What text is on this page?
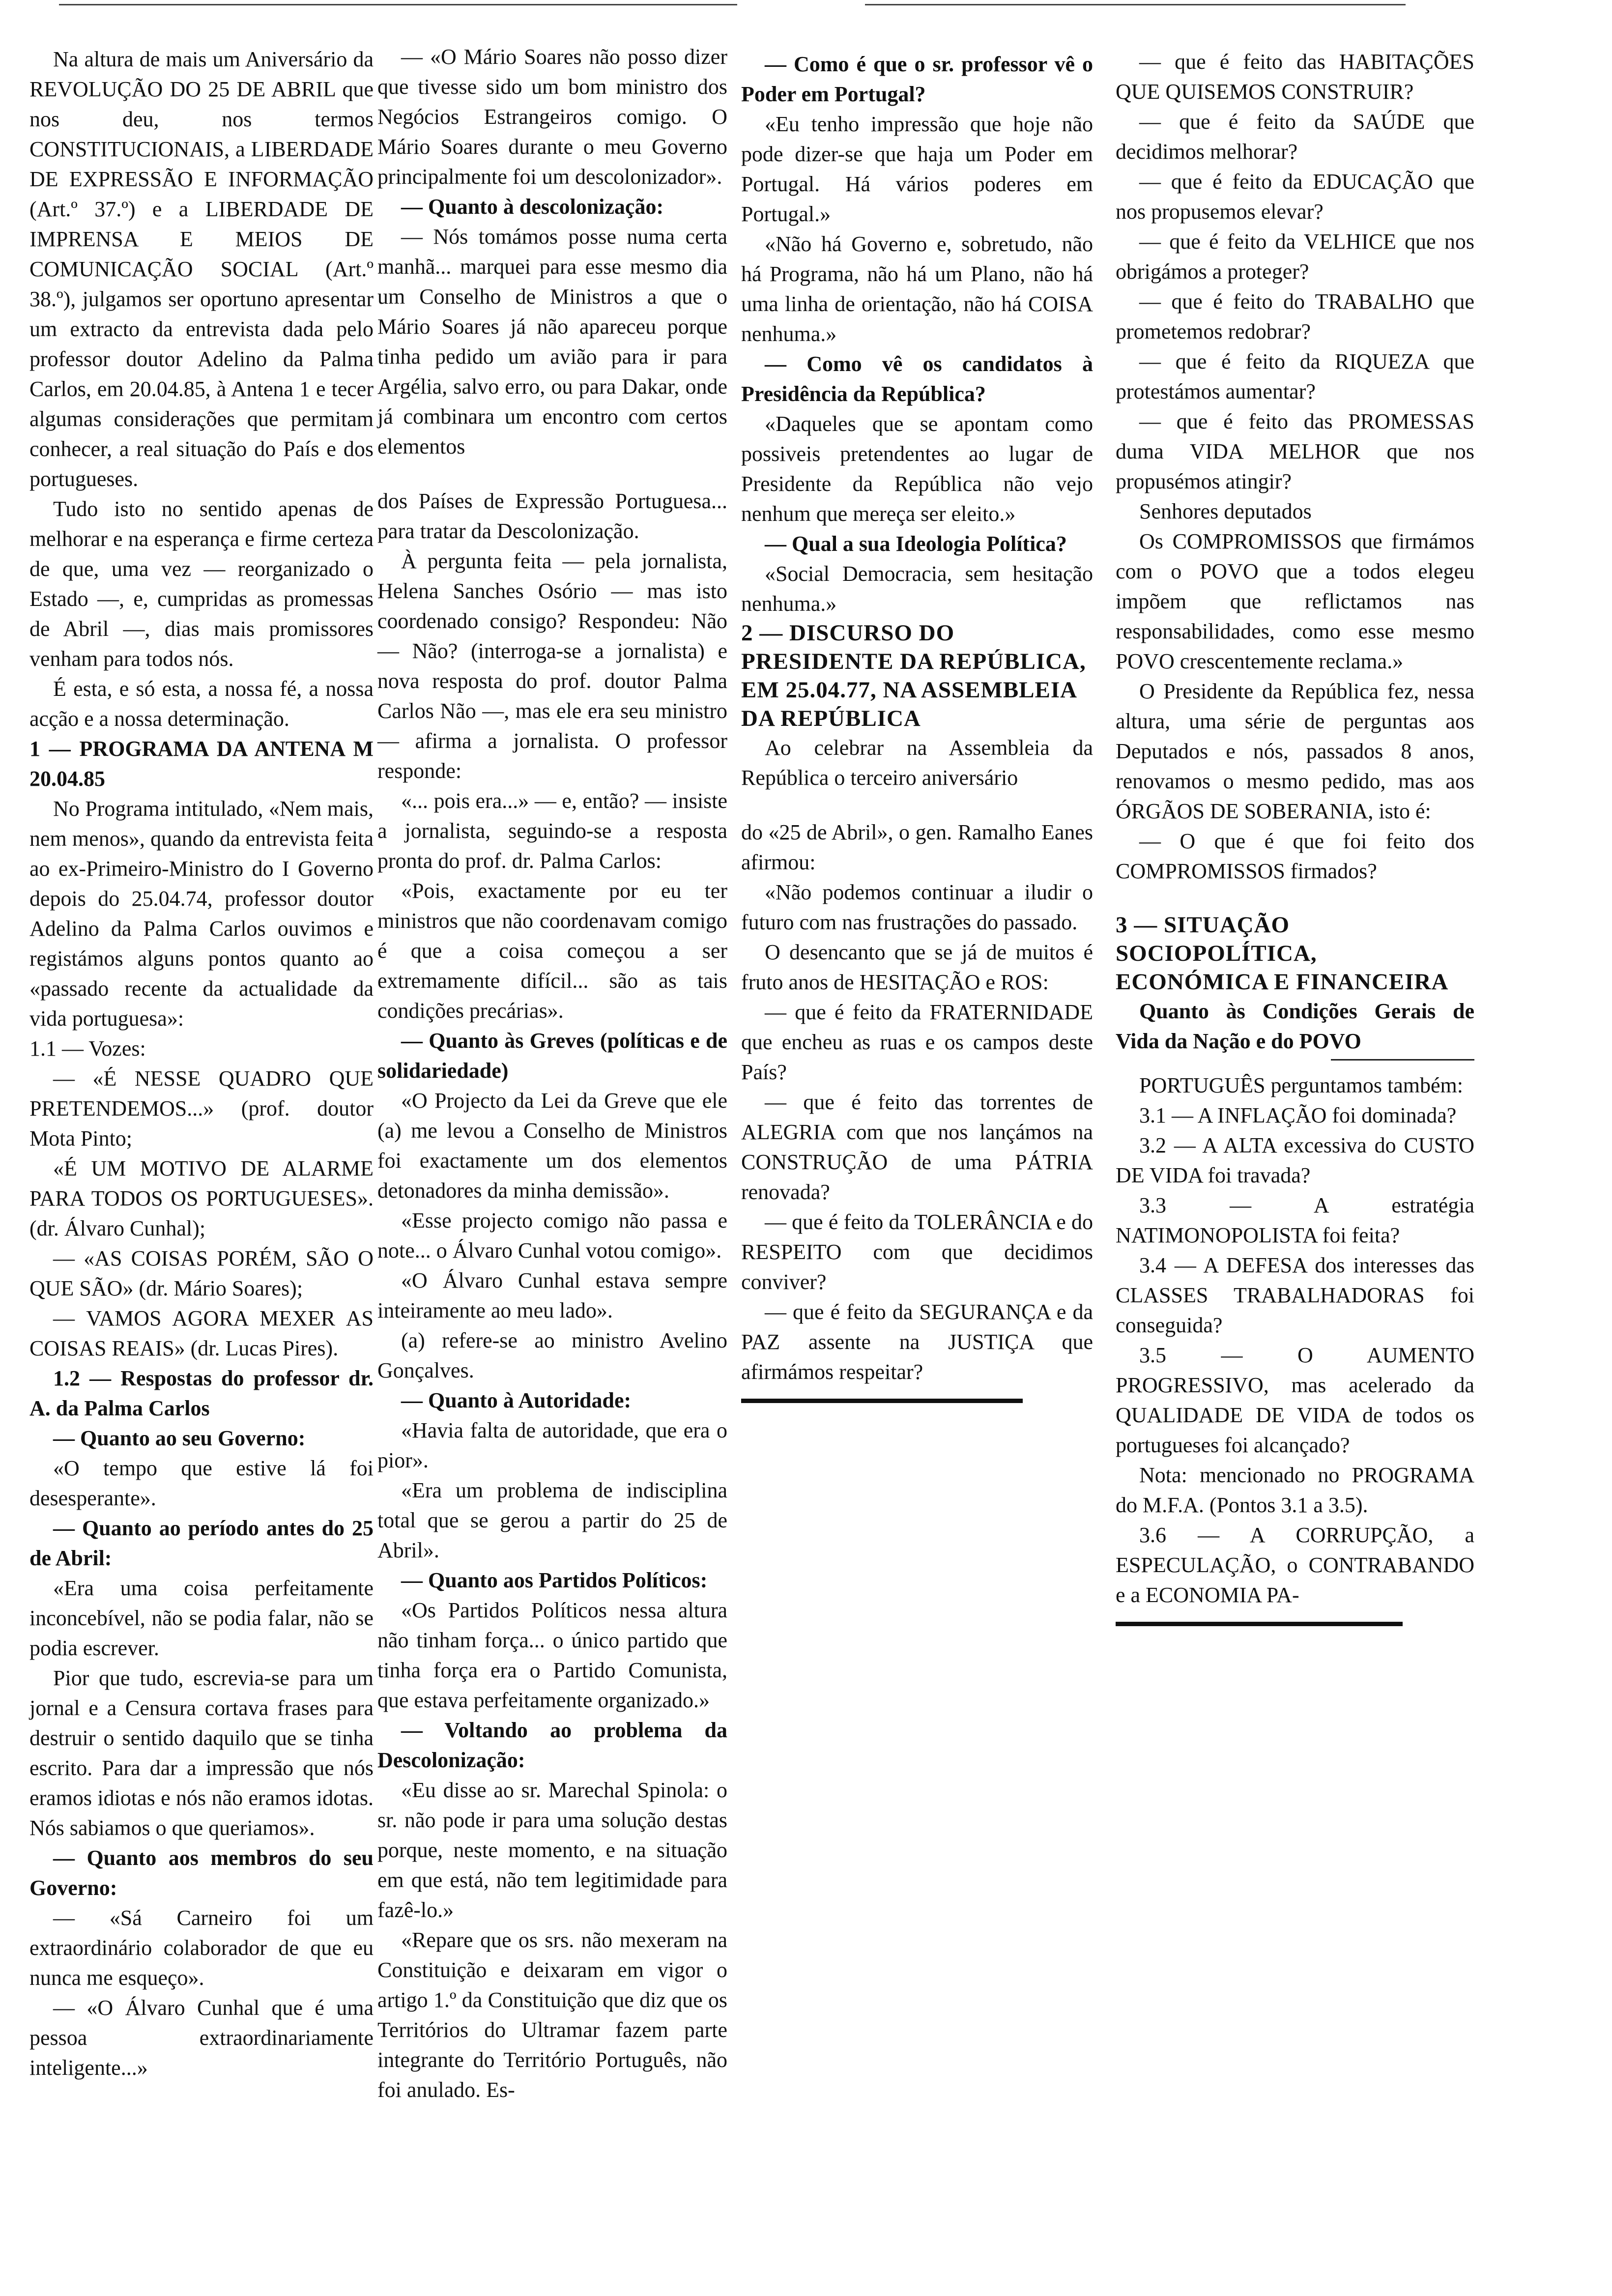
Na altura de mais um Aniversário da REVOLUÇÃO DO 25 DE ABRIL que nos deu, nos termos CONSTITUCIONAIS, a LIBERDADE DE EXPRESSÃO E INFORMAÇÃO (Art.º 37.º) e a LIBERDADE DE IMPRENSA E MEIOS DE COMUNICAÇÃO SOCIAL (Art.º 38.º), julgamos ser oportuno apresentar um extracto da entrevista dada pelo professor doutor Adelino da Palma Carlos, em 20.04.85, à Antena 1 e tecer algumas considerações que permitam conhecer, a real situação do País e dos portugueses.

Tudo isto no sentido apenas de melhorar e na esperança e firme certeza de que, uma vez — reorganizado o Estado —, e, cumpridas as promessas de Abril —, dias mais promissores venham para todos nós.

É esta, e só esta, a nossa fé, a nossa acção e a nossa determinação.

1 — PROGRAMA DA ANTENA M 20.04.85

No Programa intitulado, «Nem mais, nem menos», quando da entrevista feita ao ex-Primeiro-Ministro do I Governo depois do 25.04.74, professor doutor Adelino da Palma Carlos ouvimos e registámos alguns pontos quanto ao «passado recente da actualidade da vida portuguesa»:

1.1 — Vozes:

— «É NESSE QUADRO QUE PRETENDEMOS...» (prof. doutor Mota Pinto;

«É UM MOTIVO DE ALARME PARA TODOS OS PORTUGUESES». (dr. Álvaro Cunhal);

— «AS COISAS PORÉM, SÃO O QUE SÃO» (dr. Mário Soares);

— VAMOS AGORA MEXER AS COISAS REAIS» (dr. Lucas Pires).

1.2 — Respostas do professor dr. A. da Palma Carlos

— Quanto ao seu Governo:

«O tempo que estive lá foi desesperante».

— Quanto ao período antes do 25 de Abril:

«Era uma coisa perfeitamente inconcebível, não se podia falar, não se podia escrever.

Pior que tudo, escrevia-se para um jornal e a Censura cortava frases para destruir o sentido daquilo que se tinha escrito. Para dar a impressão que nós eramos idiotas e nós não eramos idotas. Nós sabiamos o que queriamos».

— Quanto aos membros do seu Governo:

— «Sá Carneiro foi um extraordinário colaborador de que eu nunca me esqueço».

— «O Álvaro Cunhal que é uma pessoa extraordinariamente inteligente...»

— «O Mário Soares não posso dizer que tivesse sido um bom ministro dos Negócios Estrangeiros comigo. O Mário Soares durante o meu Governo principalmente foi um descolonizador».

— Quanto à descolonização:

— Nós tomámos posse numa certa manhã... marquei para esse mesmo dia um Conselho de Ministros a que o Mário Soares já não apareceu porque tinha pedido um avião para ir para Argélia, salvo erro, ou para Dakar, onde já combinara um encontro com certos elementos

dos Países de Expressão Portuguesa... para tratar da Descolonização.

À pergunta feita — pela jornalista, Helena Sanches Osório — mas isto coordenado consigo? Respondeu: Não — Não? (interroga-se a jornalista) e nova resposta do prof. doutor Palma Carlos Não —, mas ele era seu ministro — afirma a jornalista. O professor responde:

«... pois era...» — e, então? — insiste a jornalista, seguindo-se a resposta pronta do prof. dr. Palma Carlos:

«Pois, exactamente por eu ter ministros que não coordenavam comigo é que a coisa começou a ser extremamente difícil... são as tais condições precárias».

— Quanto às Greves (políticas e de solidariedade)

«O Projecto da Lei da Greve que ele (a) me levou a Conselho de Ministros foi exactamente um dos elementos detonadores da minha demissão».

«Esse projecto comigo não passa e note... o Álvaro Cunhal votou comigo».

«O Álvaro Cunhal estava sempre inteiramente ao meu lado».

(a) refere-se ao ministro Avelino Gonçalves.

— Quanto à Autoridade:

«Havia falta de autoridade, que era o pior».

«Era um problema de indisciplina total que se gerou a partir do 25 de Abril».

— Quanto aos Partidos Políticos:

«Os Partidos Políticos nessa altura não tinham força... o único partido que tinha força era o Partido Comunista, que estava perfeitamente organizado.»

— Voltando ao problema da Descolonização:

«Eu disse ao sr. Marechal Spinola: o sr. não pode ir para uma solução destas porque, neste momento, e na situação em que está, não tem legitimidade para fazê-lo.»

«Repare que os srs. não mexeram na Constituição e deixaram em vigor o artigo 1.º da Constituição que diz que os Territórios do Ultramar fazem parte integrante do Território Português, não foi anulado. Es-

— Como é que o sr. professor vê o Poder em Portugal?

«Eu tenho impressão que hoje não pode dizer-se que haja um Poder em Portugal. Há vários poderes em Portugal.»

«Não há Governo e, sobretudo, não há Programa, não há um Plano, não há uma linha de orientação, não há COISA nenhuma.»

— Como vê os candidatos à Presidência da República?

«Daqueles que se apontam como possiveis pretendentes ao lugar de Presidente da República não vejo nenhum que mereça ser eleito.»

— Qual a sua Ideologia Política?

«Social Democracia, sem hesitação nenhuma.»

2 — DISCURSO DO PRESIDENTE DA REPÚBLICA, EM 25.04.77, NA ASSEMBLEIA DA REPÚBLICA

Ao celebrar na Assembleia da República o terceiro aniversário

do «25 de Abril», o gen. Ramalho Eanes afirmou:

«Não podemos continuar a iludir o futuro com nas frustrações do passado.

O desencanto que se já de muitos é fruto anos de HESITAÇÃO e ROS:

— que é feito da FRATERNIDADE que encheu as ruas e os campos deste País?

— que é feito das torrentes de ALEGRIA com que nos lançámos na CONSTRUÇÃO de uma PÁTRIA renovada?

— que é feito da TOLERÂNCIA e do RESPEITO com que decidimos conviver?

— que é feito da SEGURANÇA e da PAZ assente na JUSTIÇA que afirmámos respeitar?

— que é feito das HABITAÇÕES QUE QUISEMOS CONSTRUIR?

— que é feito da SAÚDE que decidimos melhorar?

— que é feito da EDUCAÇÃO que nos propusemos elevar?

— que é feito da VELHICE que nos obrigámos a proteger?

— que é feito do TRABALHO que prometemos redobrar?

— que é feito da RIQUEZA que protestámos aumentar?

— que é feito das PROMESSAS duma VIDA MELHOR que nos propusémos atingir?

Senhores deputados

Os COMPROMISSOS que firmámos com o POVO que a todos elegeu impõem que reflictamos nas responsabilidades, como esse mesmo POVO crescentemente reclama.»

O Presidente da República fez, nessa altura, uma série de perguntas aos Deputados e nós, passados 8 anos, renovamos o mesmo pedido, mas aos ÓRGÃOS DE SOBERANIA, isto é:

— O que é que foi feito dos COMPROMISSOS firmados?

3 — SITUAÇÃO SOCIOPOLÍTICA, ECONÓMICA E FINANCEIRA

Quanto às Condições Gerais de Vida da Nação e do POVO

PORTUGUÊS perguntamos também:

3.1 — A INFLAÇÃO foi dominada?

3.2 — A ALTA excessiva do CUSTO DE VIDA foi travada?

3.3 — A estratégia NATIMONOPOLISTA foi feita?

3.4 — A DEFESA dos interesses das CLASSES TRABALHADORAS foi conseguida?

3.5 — O AUMENTO PROGRESSIVO, mas acelerado da QUALIDADE DE VIDA de todos os portugueses foi alcançado?

Nota: mencionado no PROGRAMA do M.F.A. (Pontos 3.1 a 3.5).

3.6 — A CORRUPÇÃO, a ESPECULAÇÃO, o CONTRABANDO e a ECONOMIA PA-
